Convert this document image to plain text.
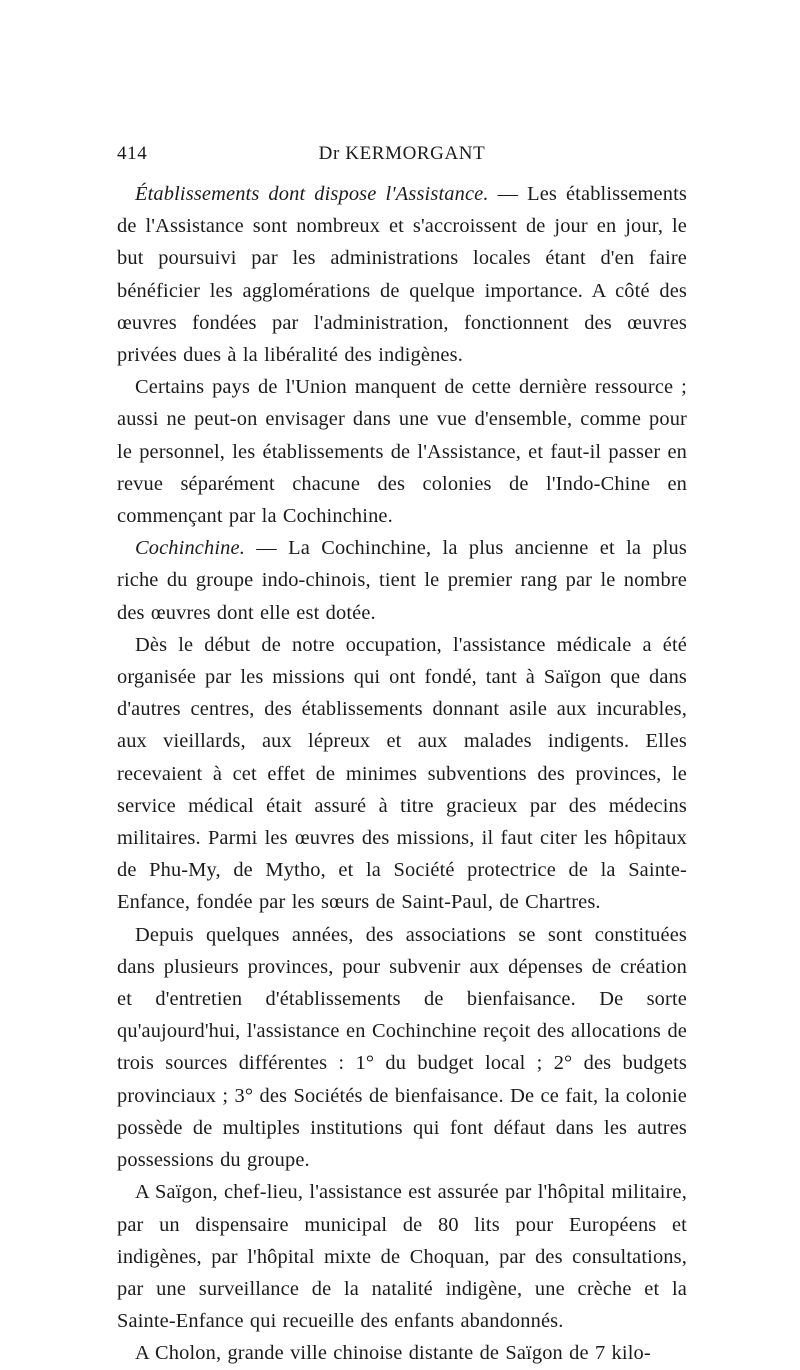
414	Dr KERMORGANT

Établissements dont dispose l'Assistance. — Les établissements de l'Assistance sont nombreux et s'accroissent de jour en jour, le but poursuivi par les administrations locales étant d'en faire bénéficier les agglomérations de quelque importance. A côté des œuvres fondées par l'administration, fonctionnent des œuvres privées dues à la libéralité des indigènes.

Certains pays de l'Union manquent de cette dernière ressource ; aussi ne peut-on envisager dans une vue d'ensemble, comme pour le personnel, les établissements de l'Assistance, et faut-il passer en revue séparément chacune des colonies de l'Indo-Chine en commençant par la Cochinchine.

Cochinchine. — La Cochinchine, la plus ancienne et la plus riche du groupe indo-chinois, tient le premier rang par le nombre des œuvres dont elle est dotée.

Dès le début de notre occupation, l'assistance médicale a été organisée par les missions qui ont fondé, tant à Saïgon que dans d'autres centres, des établissements donnant asile aux incurables, aux vieillards, aux lépreux et aux malades indigents. Elles recevaient à cet effet de minimes subventions des provinces, le service médical était assuré à titre gracieux par des médecins militaires. Parmi les œuvres des missions, il faut citer les hôpitaux de Phu-My, de Mytho, et la Société protectrice de la Sainte-Enfance, fondée par les sœurs de Saint-Paul, de Chartres.

Depuis quelques années, des associations se sont constituées dans plusieurs provinces, pour subvenir aux dépenses de création et d'entretien d'établissements de bienfaisance. De sorte qu'aujourd'hui, l'assistance en Cochinchine reçoit des allocations de trois sources différentes : 1° du budget local ; 2° des budgets provinciaux ; 3° des Sociétés de bienfaisance. De ce fait, la colonie possède de multiples institutions qui font défaut dans les autres possessions du groupe.

A Saïgon, chef-lieu, l'assistance est assurée par l'hôpital militaire, par un dispensaire municipal de 80 lits pour Européens et indigènes, par l'hôpital mixte de Choquan, par des consultations, par une surveillance de la natalité indigène, une crèche et la Sainte-Enfance qui recueille des enfants abandonnés.

A Cholon, grande ville chinoise distante de Saïgon de 7 kilo-
